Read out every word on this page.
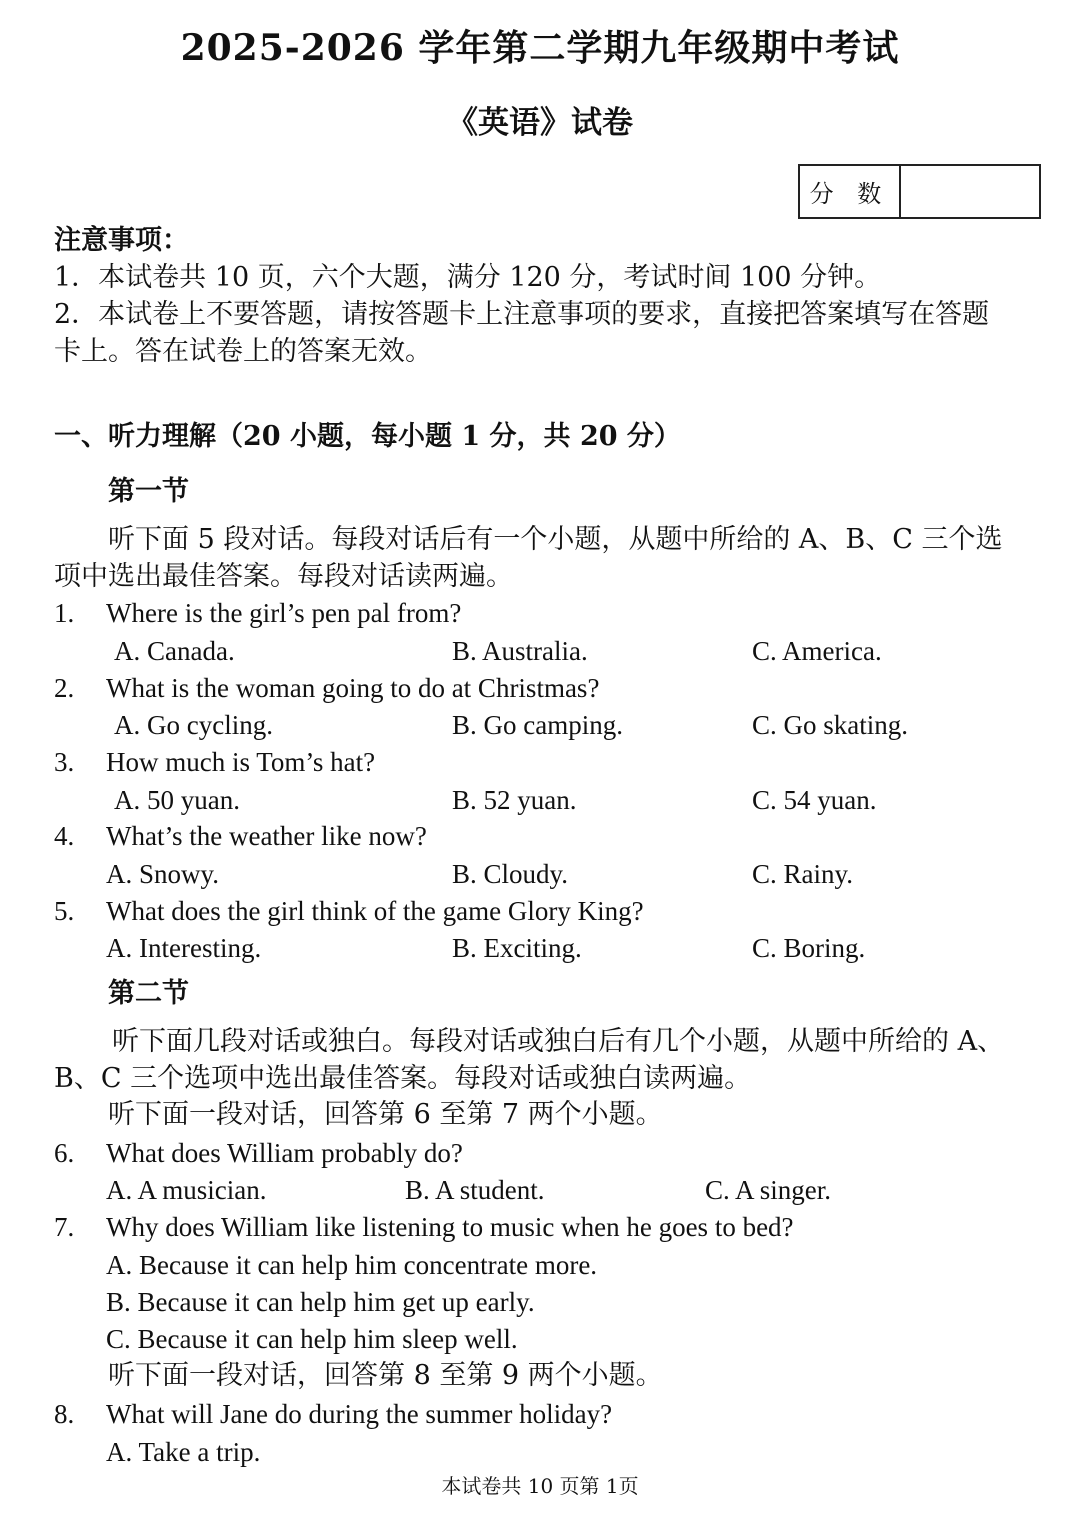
2025-2026 学年第二学期九年级期中考试
《英语》试卷
分 数
注意事项：
1．本试卷共 10 页，六个大题，满分 120 分，考试时间 100 分钟。
2．本试卷上不要答题，请按答题卡上注意事项的要求，直接把答案填写在答题
卡上。答在试卷上的答案无效。
一、听力理解（20 小题，每小题 1 分，共 20 分）
第一节
听下面 5 段对话。每段对话后有一个小题，从题中所给的 A、B、C 三个选
项中选出最佳答案。每段对话读两遍。
1. Where is the girl’s pen pal from?
A. Canada.	B. Australia.	C. America.
2. What is the woman going to do at Christmas?
A. Go cycling.	B. Go camping.	C. Go skating.
3. How much is Tom’s hat?
A. 50 yuan.	B. 52 yuan.	C. 54 yuan.
4. What’s the weather like now?
A. Snowy.	B. Cloudy.	C. Rainy.
5. What does the girl think of the game Glory King?
A. Interesting.	B. Exciting.	C. Boring.
第二节
听下面几段对话或独白。每段对话或独白后有几个小题，从题中所给的 A、
B、C 三个选项中选出最佳答案。每段对话或独白读两遍。
听下面一段对话，回答第 6 至第 7 两个小题。
6. What does William probably do?
A. A musician.	B. A student.	C. A singer.
7. Why does William like listening to music when he goes to bed?
A. Because it can help him concentrate more.
B. Because it can help him get up early.
C. Because it can help him sleep well.
听下面一段对话，回答第 8 至第 9 两个小题。
8. What will Jane do during the summer holiday?
A. Take a trip.
本试卷共 10 页第 1页
